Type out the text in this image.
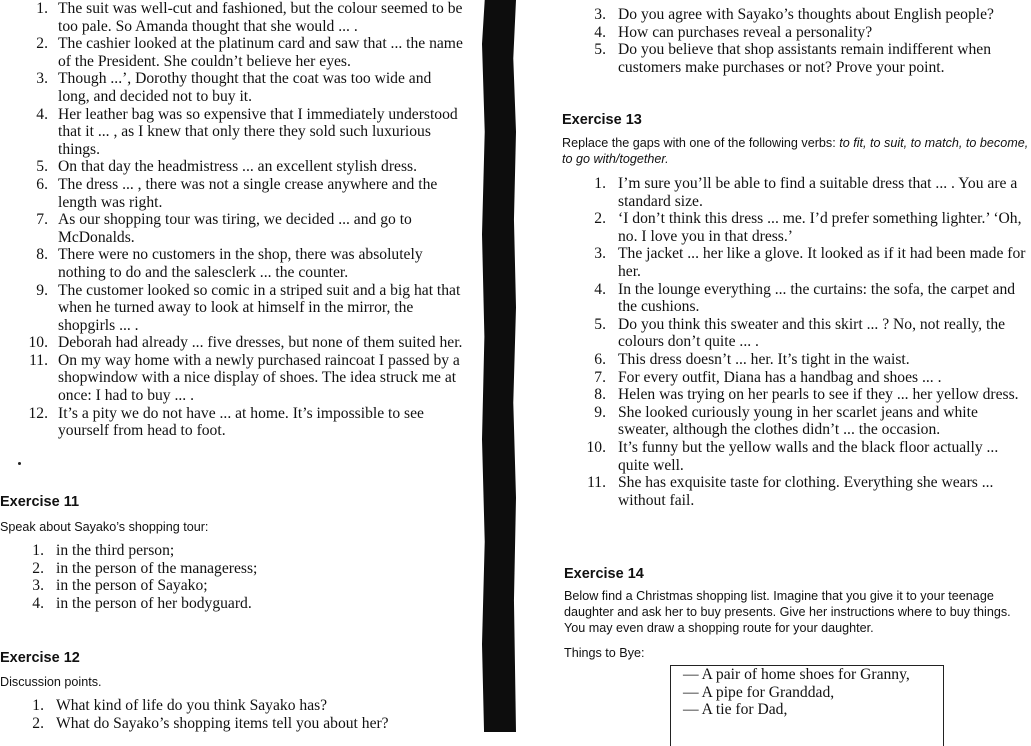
1. The suit was well-cut and fashioned, but the colour seemed to be too pale. So Amanda thought that she would ... .
2. The cashier looked at the platinum card and saw that ... the name of the President. She couldn’t believe her eyes.
3. Though ...’, Dorothy thought that the coat was too wide and long, and decided not to buy it.
4. Her leather bag was so expensive that I immediately understood that it ... , as I knew that only there they sold such luxurious things.
5. On that day the headmistress ... an excellent stylish dress.
6. The dress ... , there was not a single crease anywhere and the length was right.
7. As our shopping tour was tiring, we decided ... and go to McDonalds.
8. There were no customers in the shop, there was absolutely nothing to do and the salesclerk ... the counter.
9. The customer looked so comic in a striped suit and a big hat that when he turned away to look at himself in the mirror, the shopgirls ... .
10. Deborah had already ... five dresses, but none of them suited her.
11. On my way home with a newly purchased raincoat I passed by a shopwindow with a nice display of shoes. The idea struck me at once: I had to buy ... .
12. It’s a pity we do not have ... at home. It’s impossible to see yourself from head to foot.
Exercise 11
Speak about Sayako’s shopping tour:
1. in the third person;
2. in the person of the manageress;
3. in the person of Sayako;
4. in the person of her bodyguard.
Exercise 12
Discussion points.
1. What kind of life do you think Sayako has?
2. What do Sayako’s shopping items tell you about her?
3. Do you agree with Sayako’s thoughts about English people?
4. How can purchases reveal a personality?
5. Do you believe that shop assistants remain indifferent when customers make purchases or not? Prove your point.
Exercise 13
Replace the gaps with one of the following verbs: to fit, to suit, to match, to become, to go with/together.
1. I’m sure you’ll be able to find a suitable dress that ... . You are a standard size.
2. ‘I don’t think this dress ... me. I’d prefer something lighter.’ ‘Oh, no. I love you in that dress.’
3. The jacket ... her like a glove. It looked as if it had been made for her.
4. In the lounge everything ... the curtains: the sofa, the carpet and the cushions.
5. Do you think this sweater and this skirt ... ? No, not really, the colours don’t quite ... .
6. This dress doesn’t ... her. It’s tight in the waist.
7. For every outfit, Diana has a handbag and shoes ... .
8. Helen was trying on her pearls to see if they ... her yellow dress.
9. She looked curiously young in her scarlet jeans and white sweater, although the clothes didn’t ... the occasion.
10. It’s funny but the yellow walls and the black floor actually ... quite well.
11. She has exquisite taste for clothing. Everything she wears ... without fail.
Exercise 14
Below find a Christmas shopping list. Imagine that you give it to your teenage daughter and ask her to buy presents. Give her instructions where to buy things. You may even draw a shopping route for your daughter.
Things to Bye:
— A pair of home shoes for Granny,
— A pipe for Granddad,
— A tie for Dad,
